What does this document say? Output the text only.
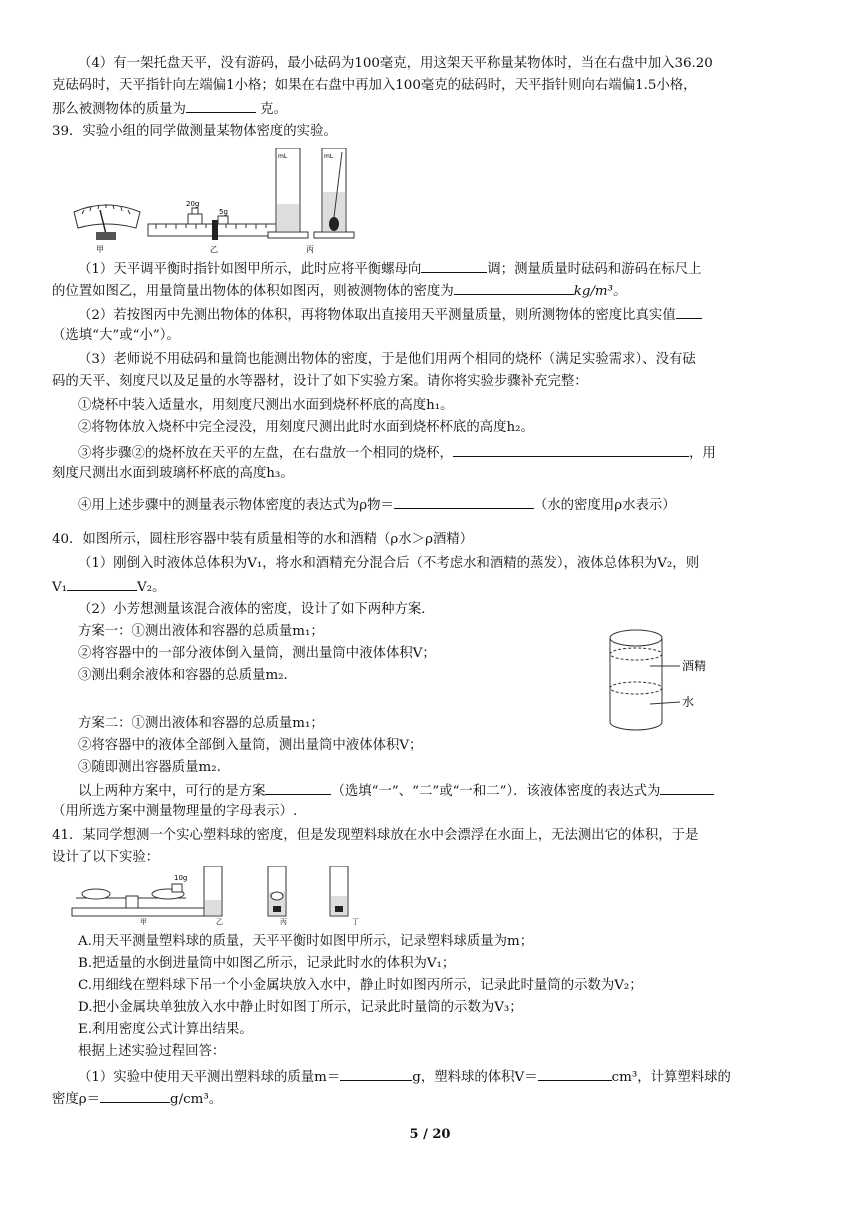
（4）有一架托盘天平，没有游码，最小砝码为100毫克，用这架天平称量某物体时，当在右盘中加入36.20
克砝码时，天平指针向左端偏1小格；如果在右盘中再加入100毫克的砝码时，天平指针则向右端偏1.5小格，
那么被测物体的质量为	克。
39．实验小组的同学做测量某物体密度的实验。
甲
20g
5g
乙
mL	mL
丙
（1）天平调平衡时指针如图甲所示，此时应将平衡螺母向	调；测量质量时砝码和游码在标尺上
的位置如图乙，用量筒量出物体的体积如图丙，则被测物体的密度为	kg/m³。
（2）若按图丙中先测出物体的体积，再将物体取出直接用天平测量质量，则所测物体的密度比真实值
（选填“大”或“小”）。
（3）老师说不用砝码和量筒也能测出物体的密度，于是他们用两个相同的烧杯（满足实验需求）、没有砝
码的天平、刻度尺以及足量的水等器材，设计了如下实验方案。请你将实验步骤补充完整：
①烧杯中装入适量水，用刻度尺测出水面到烧杯杯底的高度h₁。
②将物体放入烧杯中完全浸没，用刻度尺测出此时水面到烧杯杯底的高度h₂。
③将步骤②的烧杯放在天平的左盘，在右盘放一个相同的烧杯，	，用
刻度尺测出水面到玻璃杯杯底的高度h₃。
④用上述步骤中的测量表示物体密度的表达式为ρ物＝	（水的密度用ρ水表示）
40．如图所示，圆柱形容器中装有质量相等的水和酒精（ρ水＞ρ酒精）
（1）刚倒入时液体总体积为V₁，将水和酒精充分混合后（不考虑水和酒精的蒸发），液体总体积为V₂，则
V₁	V₂。
（2）小芳想测量该混合液体的密度，设计了如下两种方案．
方案一：①测出液体和容器的总质量m₁；
②将容器中的一部分液体倒入量筒，测出量筒中液体体积V；
③测出剩余液体和容器的总质量m₂.
方案二：①测出液体和容器的总质量m₁；
②将容器中的液体全部倒入量筒，测出量筒中液体体积V；
③随即测出容器质量m₂.
酒精
水
以上两种方案中，可行的是方案	（选填“一”、“二”或“一和二”）．该液体密度的表达式为
（用所选方案中测量物理量的字母表示）.
41．某同学想测一个实心塑料球的密度，但是发现塑料球放在水中会漂浮在水面上，无法测出它的体积，于是
设计了以下实验：
10g
甲	乙	丙	丁
A.用天平测量塑料球的质量，天平平衡时如图甲所示，记录塑料球质量为m；
B.把适量的水倒进量筒中如图乙所示，记录此时水的体积为V₁；
C.用细线在塑料球下吊一个小金属块放入水中，静止时如图丙所示，记录此时量筒的示数为V₂；
D.把小金属块单独放入水中静止时如图丁所示，记录此时量筒的示数为V₃；
E.利用密度公式计算出结果。
根据上述实验过程回答：
（1）实验中使用天平测出塑料球的质量m＝	g，塑料球的体积V＝	cm³，计算塑料球的
密度ρ＝	g/cm³。
5 / 20
